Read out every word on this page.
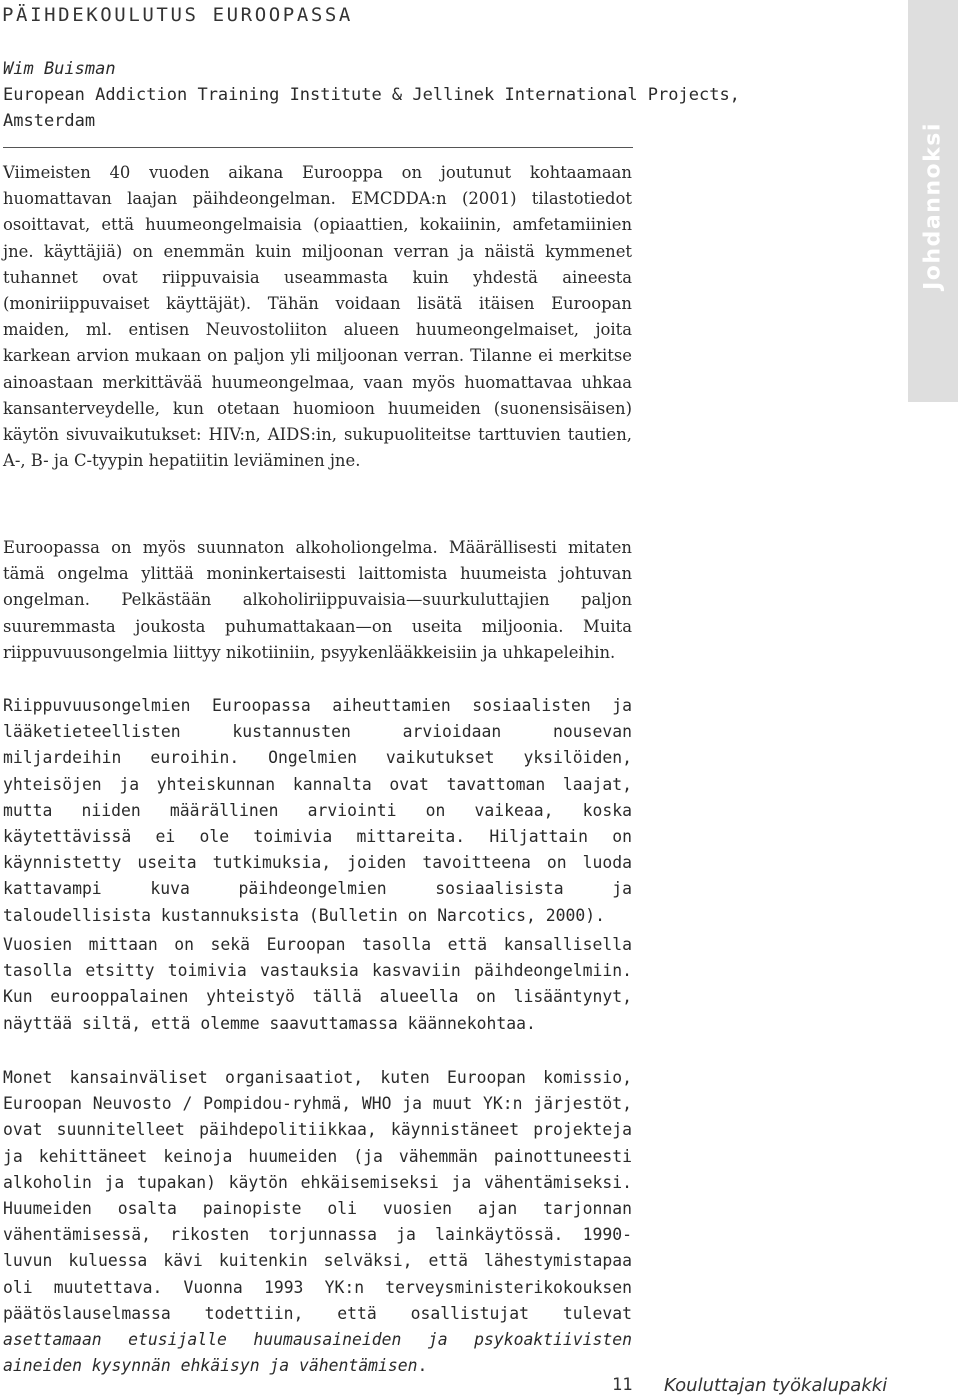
PÄIHDEKOULUTUS EUROOPASSA
Wim Buisman
European Addiction Training Institute & Jellinek International Projects,
Amsterdam
Johdannoksi

Viimeisten 40 vuoden aikana Eurooppa on joutunut kohtaamaan huomattavan laajan päihdeongelman. EMCDDA:n (2001) tilastotiedot osoittavat, että huumeongelmaisia (opiaattien, kokaiinin, amfetamiinien jne. käyttäjiä) on enemmän kuin miljoonan verran ja näistä kymmenet tuhannet ovat riippuvaisia useammasta kuin yhdestä aineesta (moniriippuvaiset käyttäjät). Tähän voidaan lisätä itäisen Euroopan maiden, ml. entisen Neuvostoliiton alueen huumeongelmaiset, joita karkean arvion mukaan on paljon yli miljoonan verran. Tilanne ei merkitse ainoastaan merkittävää huumeongelmaa, vaan myös huomattavaa uhkaa kansanterveydelle, kun otetaan huomioon huumeiden (suonensisäisen) käytön sivuvaikutukset: HIV:n, AIDS:in, sukupuoliteitse tarttuvien tautien, A-, B- ja C-tyypin hepatiitin leviäminen jne.

Euroopassa on myös suunnaton alkoholiongelma. Määrällisesti mitaten tämä ongelma ylittää moninkertaisesti laittomista huumeista johtuvan ongelman. Pelkästään alkoholiriippuvaisia—suurkuluttajien paljon suuremmasta joukosta puhumattakaan—on useita miljoonia. Muita riippuvuusongelmia liittyy nikotiiniin, psyykenlääkkeisiin ja uhkapeleihin.

Riippuvuusongelmien Euroopassa aiheuttamien sosiaalisten ja lääketieteellisten kustannusten arvioidaan nousevan miljardeihin euroihin. Ongelmien vaikutukset yksilöiden, yhteisöjen ja yhteiskunnan kannalta ovat tavattoman laajat, mutta niiden määrällinen arviointi on vaikeaa, koska käytettävissä ei ole toimivia mittareita. Hiljattain on käynnistetty useita tutkimuksia, joiden tavoitteena on luoda kattavampi kuva päihdeongelmien sosiaalisista ja taloudellisista kustannuksista (Bulletin on Narcotics, 2000).

Vuosien mittaan on sekä Euroopan tasolla että kansallisella tasolla etsitty toimivia vastauksia kasvaviin päihdeongelmiin. Kun eurooppalainen yhteistyö tällä alueella on lisääntynyt, näyttää siltä, että olemme saavuttamassa käännekohtaa.

Monet kansainväliset organisaatiot, kuten Euroopan komissio, Euroopan Neuvosto / Pompidou-ryhmä, WHO ja muut YK:n järjestöt, ovat suunnitelleet päihdepolitiikkaa, käynnistäneet projekteja ja kehittäneet keinoja huumeiden (ja vähemmän painottuneesti alkoholin ja tupakan) käytön ehkäisemiseksi ja vähentämiseksi. Huumeiden osalta painopiste oli vuosien ajan tarjonnan vähentämisessä, rikosten torjunnassa ja lainkäytössä. 1990-luvun kuluessa kävi kuitenkin selväksi, että lähestymistapaa oli muutettava. Vuonna 1993 YK:n terveysministerikokouksen päätöslauselmassa todettiin, että osallistujat tulevat asettamaan etusijalle huumausaineiden ja psykoaktiivisten aineiden kysynnän ehkäisyn ja vähentämisen.

11 Kouluttajan työkalupakki
